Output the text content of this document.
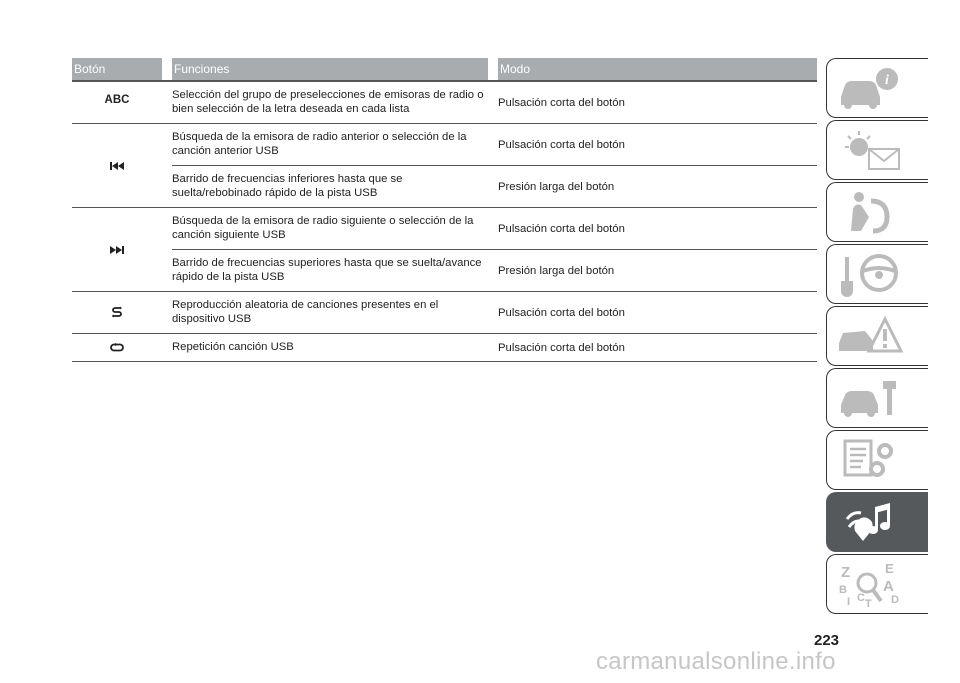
Botón	Funciones	Modo
ABC	Selección del grupo de preselecciones de emisoras de radio o bien selección de la letra deseada en cada lista	Pulsación corta del botón
Búsqueda de la emisora de radio anterior o selección de la canción anterior USB	Pulsación corta del botón
Barrido de frecuencias inferiores hasta que se suelta/rebobinado rápido de la pista USB	Presión larga del botón
Búsqueda de la emisora de radio siguiente o selección de la canción siguiente USB	Pulsación corta del botón
Barrido de frecuencias superiores hasta que se suelta/avance rápido de la pista USB	Presión larga del botón
Reproducción aleatoria de canciones presentes en el dispositivo USB	Pulsación corta del botón
Repetición canción USB	Pulsación corta del botón
i
Z	E
B A
I C T D
223
carmanualsonline.info
